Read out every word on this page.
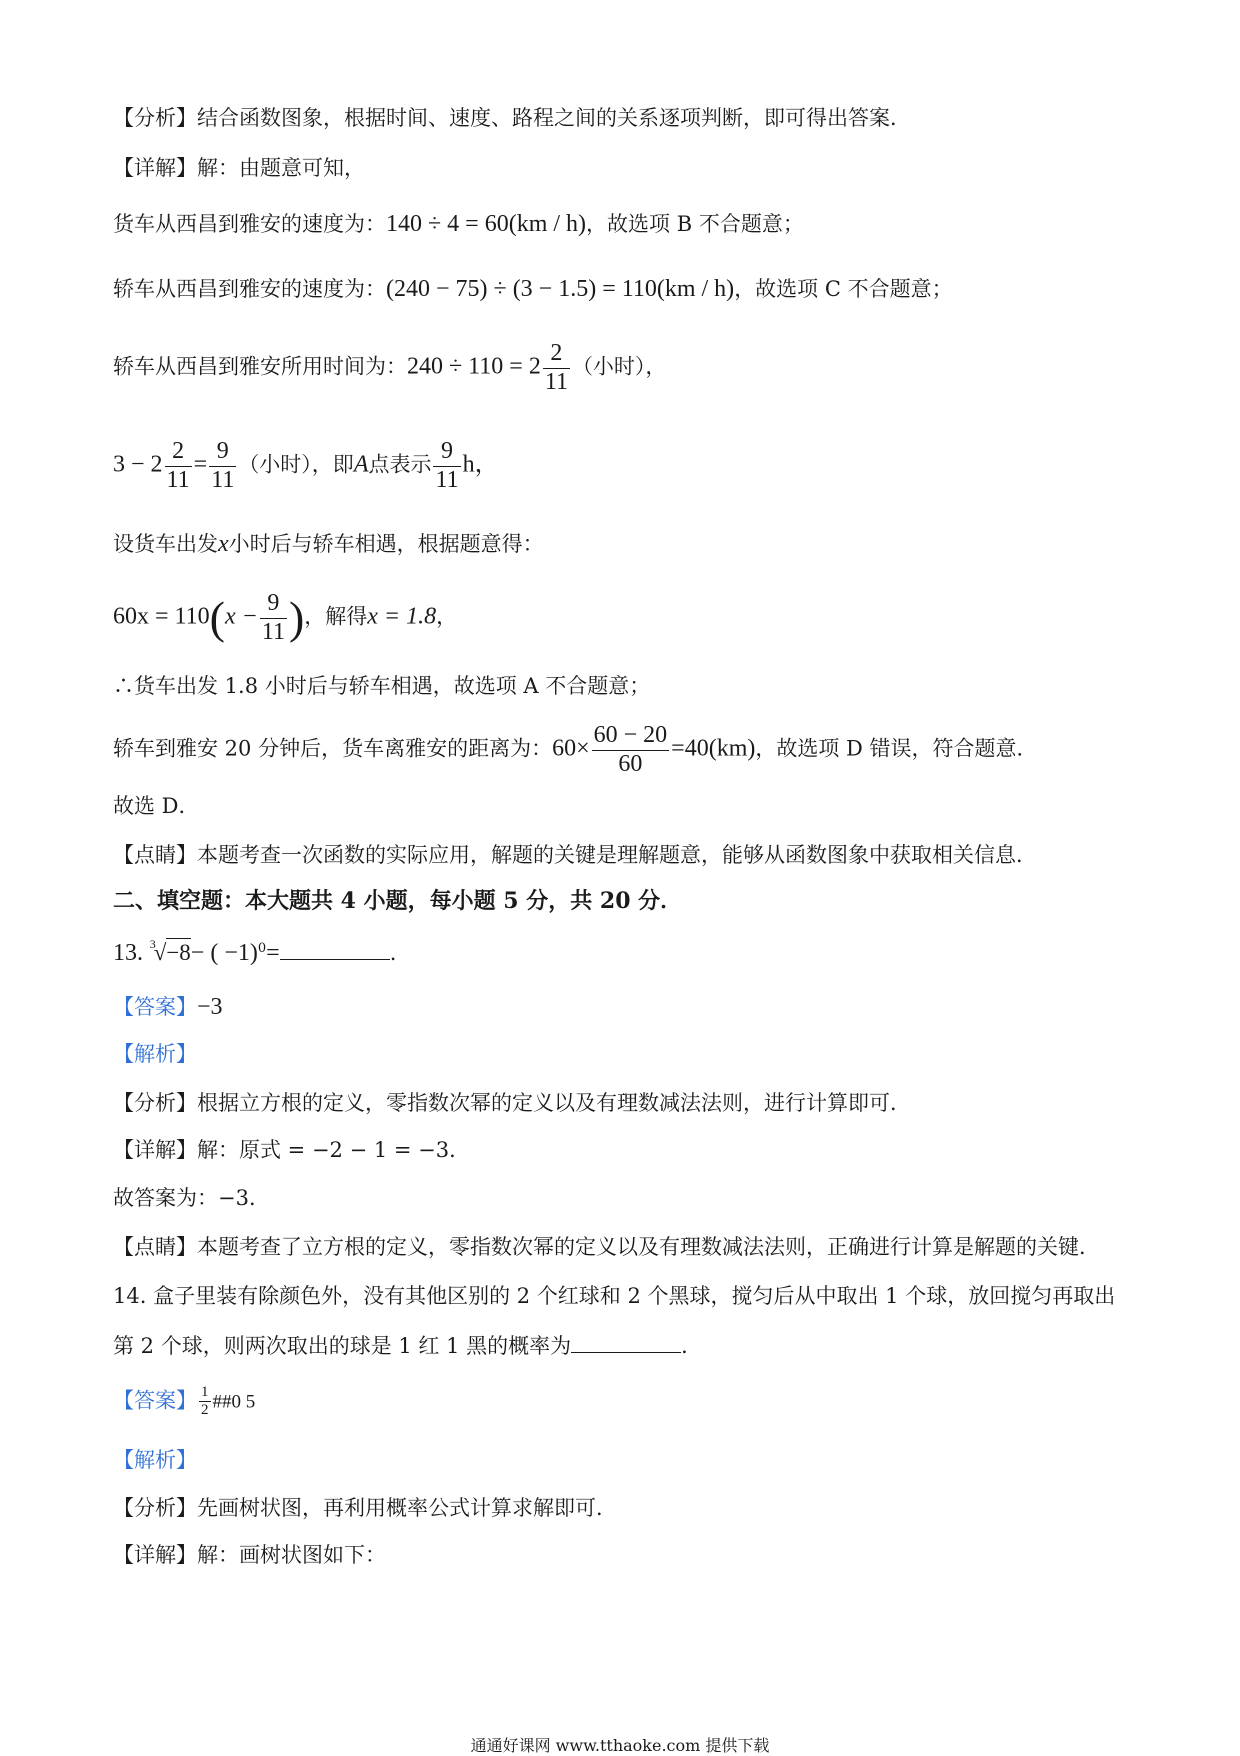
【分析】结合函数图象，根据时间、速度、路程之间的关系逐项判断，即可得出答案．
【详解】解：由题意可知，
货车从西昌到雅安的速度为：140 ÷ 4 = 60(km / h)，故选项 B 不合题意；
轿车从西昌到雅安的速度为：(240 − 75) ÷ (3 − 1.5) = 110(km / h)，故选项 C 不合题意；
轿车从西昌到雅安所用时间为：$240 \div 110 = 2 \frac{2}{11}$ （小时），
$3 - 2 \frac{2}{11} = \frac{9}{11}$ （小时），即A点表示 $\frac{9}{11}$ h，
设货车出发x小时后与轿车相遇，根据题意得：
$60x = 110(x - \frac{9}{11}$ )，解得x = 1.8，
∴货车出发 1.8 小时后与轿车相遇，故选项 A 不合题意；
轿车到雅安 20 分钟后，货车离雅安的距离为：$60\times \frac{60 - 20}{60} =40(km)$，故选项 D 错误，符合题意．
故选 D．
【点睛】本题考查一次函数的实际应用，解题的关键是理解题意，能够从函数图象中获取相关信息．
二、填空题：本大题共 4 小题，每小题 5 分，共 20 分．
13. $^3$√−8− ( −1)$^0$=	.
【答案】−3
【解析】
【分析】根据立方根的定义，零指数次幂的定义以及有理数减法法则，进行计算即可．
【详解】解：原式 = −2 − 1 = −3．
故答案为：−3．
【点睛】本题考查了立方根的定义，零指数次幂的定义以及有理数减法法则，正确进行计算是解题的关键．
14. 盒子里装有除颜色外，没有其他区别的 2 个红球和 2 个黑球，搅匀后从中取出 1 个球，放回搅匀再取出
第 2 个球，则两次取出的球是 1 红 1 黑的概率为	．
【答案】 $\frac{1}{2}$ ##0 5
【解析】
【分析】先画树状图，再利用概率公式计算求解即可．
【详解】解：画树状图如下：
通通好课网 www.tthaoke.com 提供下载
